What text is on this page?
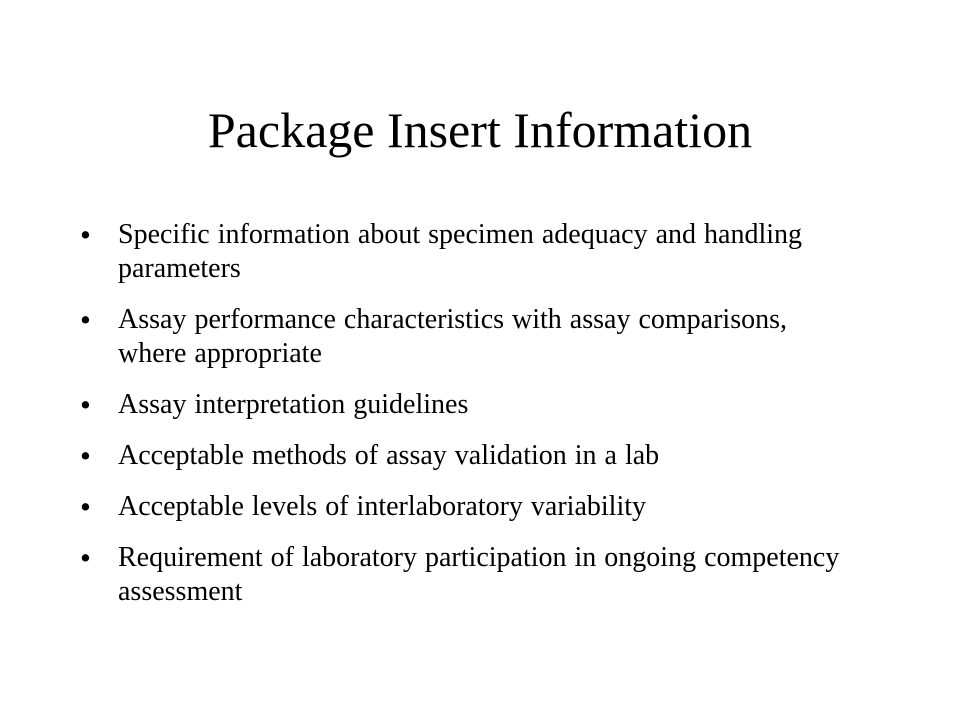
Package Insert Information
• Specific information about specimen adequacy and handling parameters
• Assay performance characteristics with assay comparisons, where appropriate
• Assay interpretation guidelines
• Acceptable methods of assay validation in a lab
• Acceptable levels of interlaboratory variability
• Requirement of laboratory participation in ongoing competency assessment
